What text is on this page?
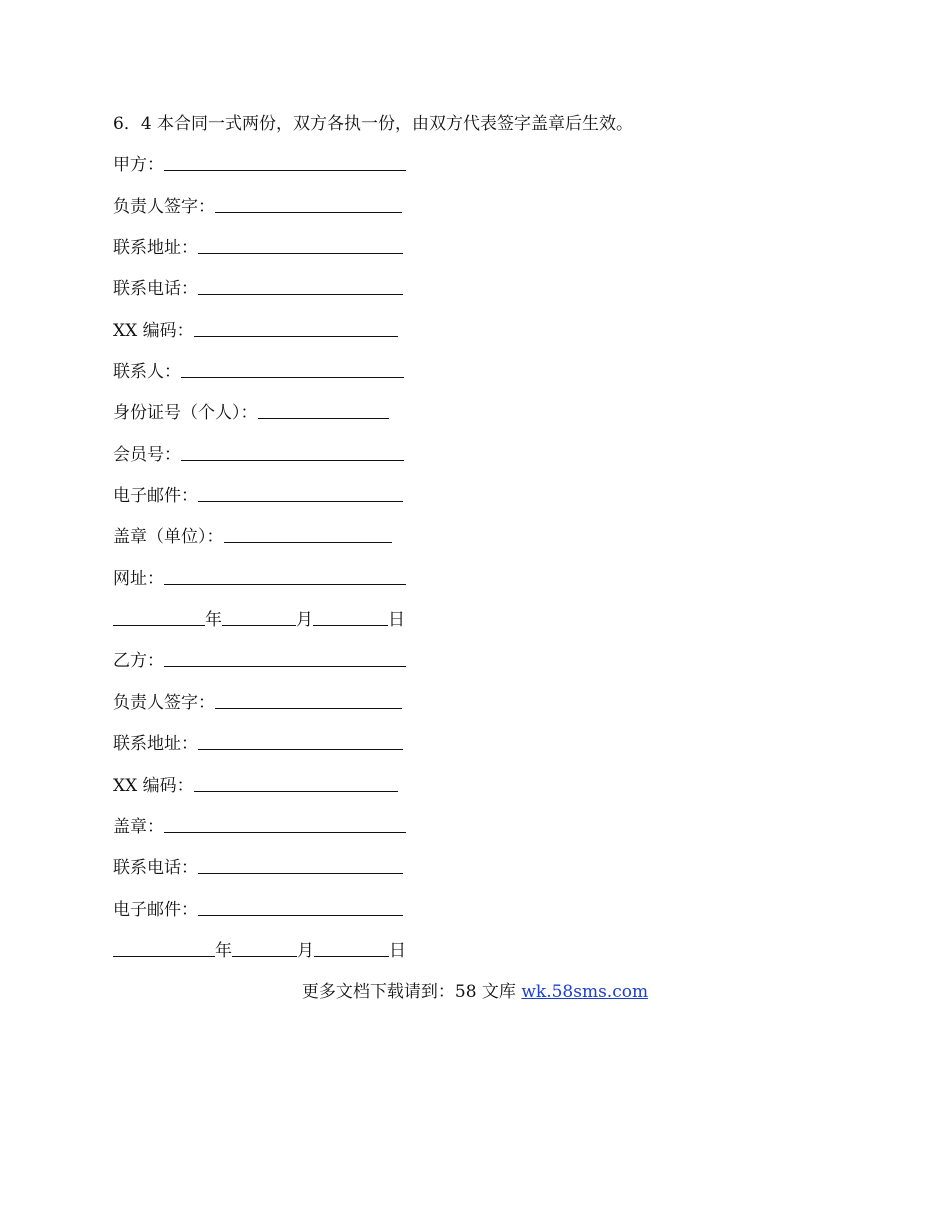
6．4 本合同一式两份，双方各执一份，由双方代表签字盖章后生效。
甲方：
负责人签字：
联系地址：
联系电话：
XX 编码：
联系人：
身份证号（个人）：
会员号：
电子邮件：
盖章（单位）：
网址：
年	月	日
乙方：
负责人签字：
联系地址：
XX 编码：
盖章：
联系电话：
电子邮件：
年	月	日
更多文档下载请到：58 文库 wk.58sms.com
